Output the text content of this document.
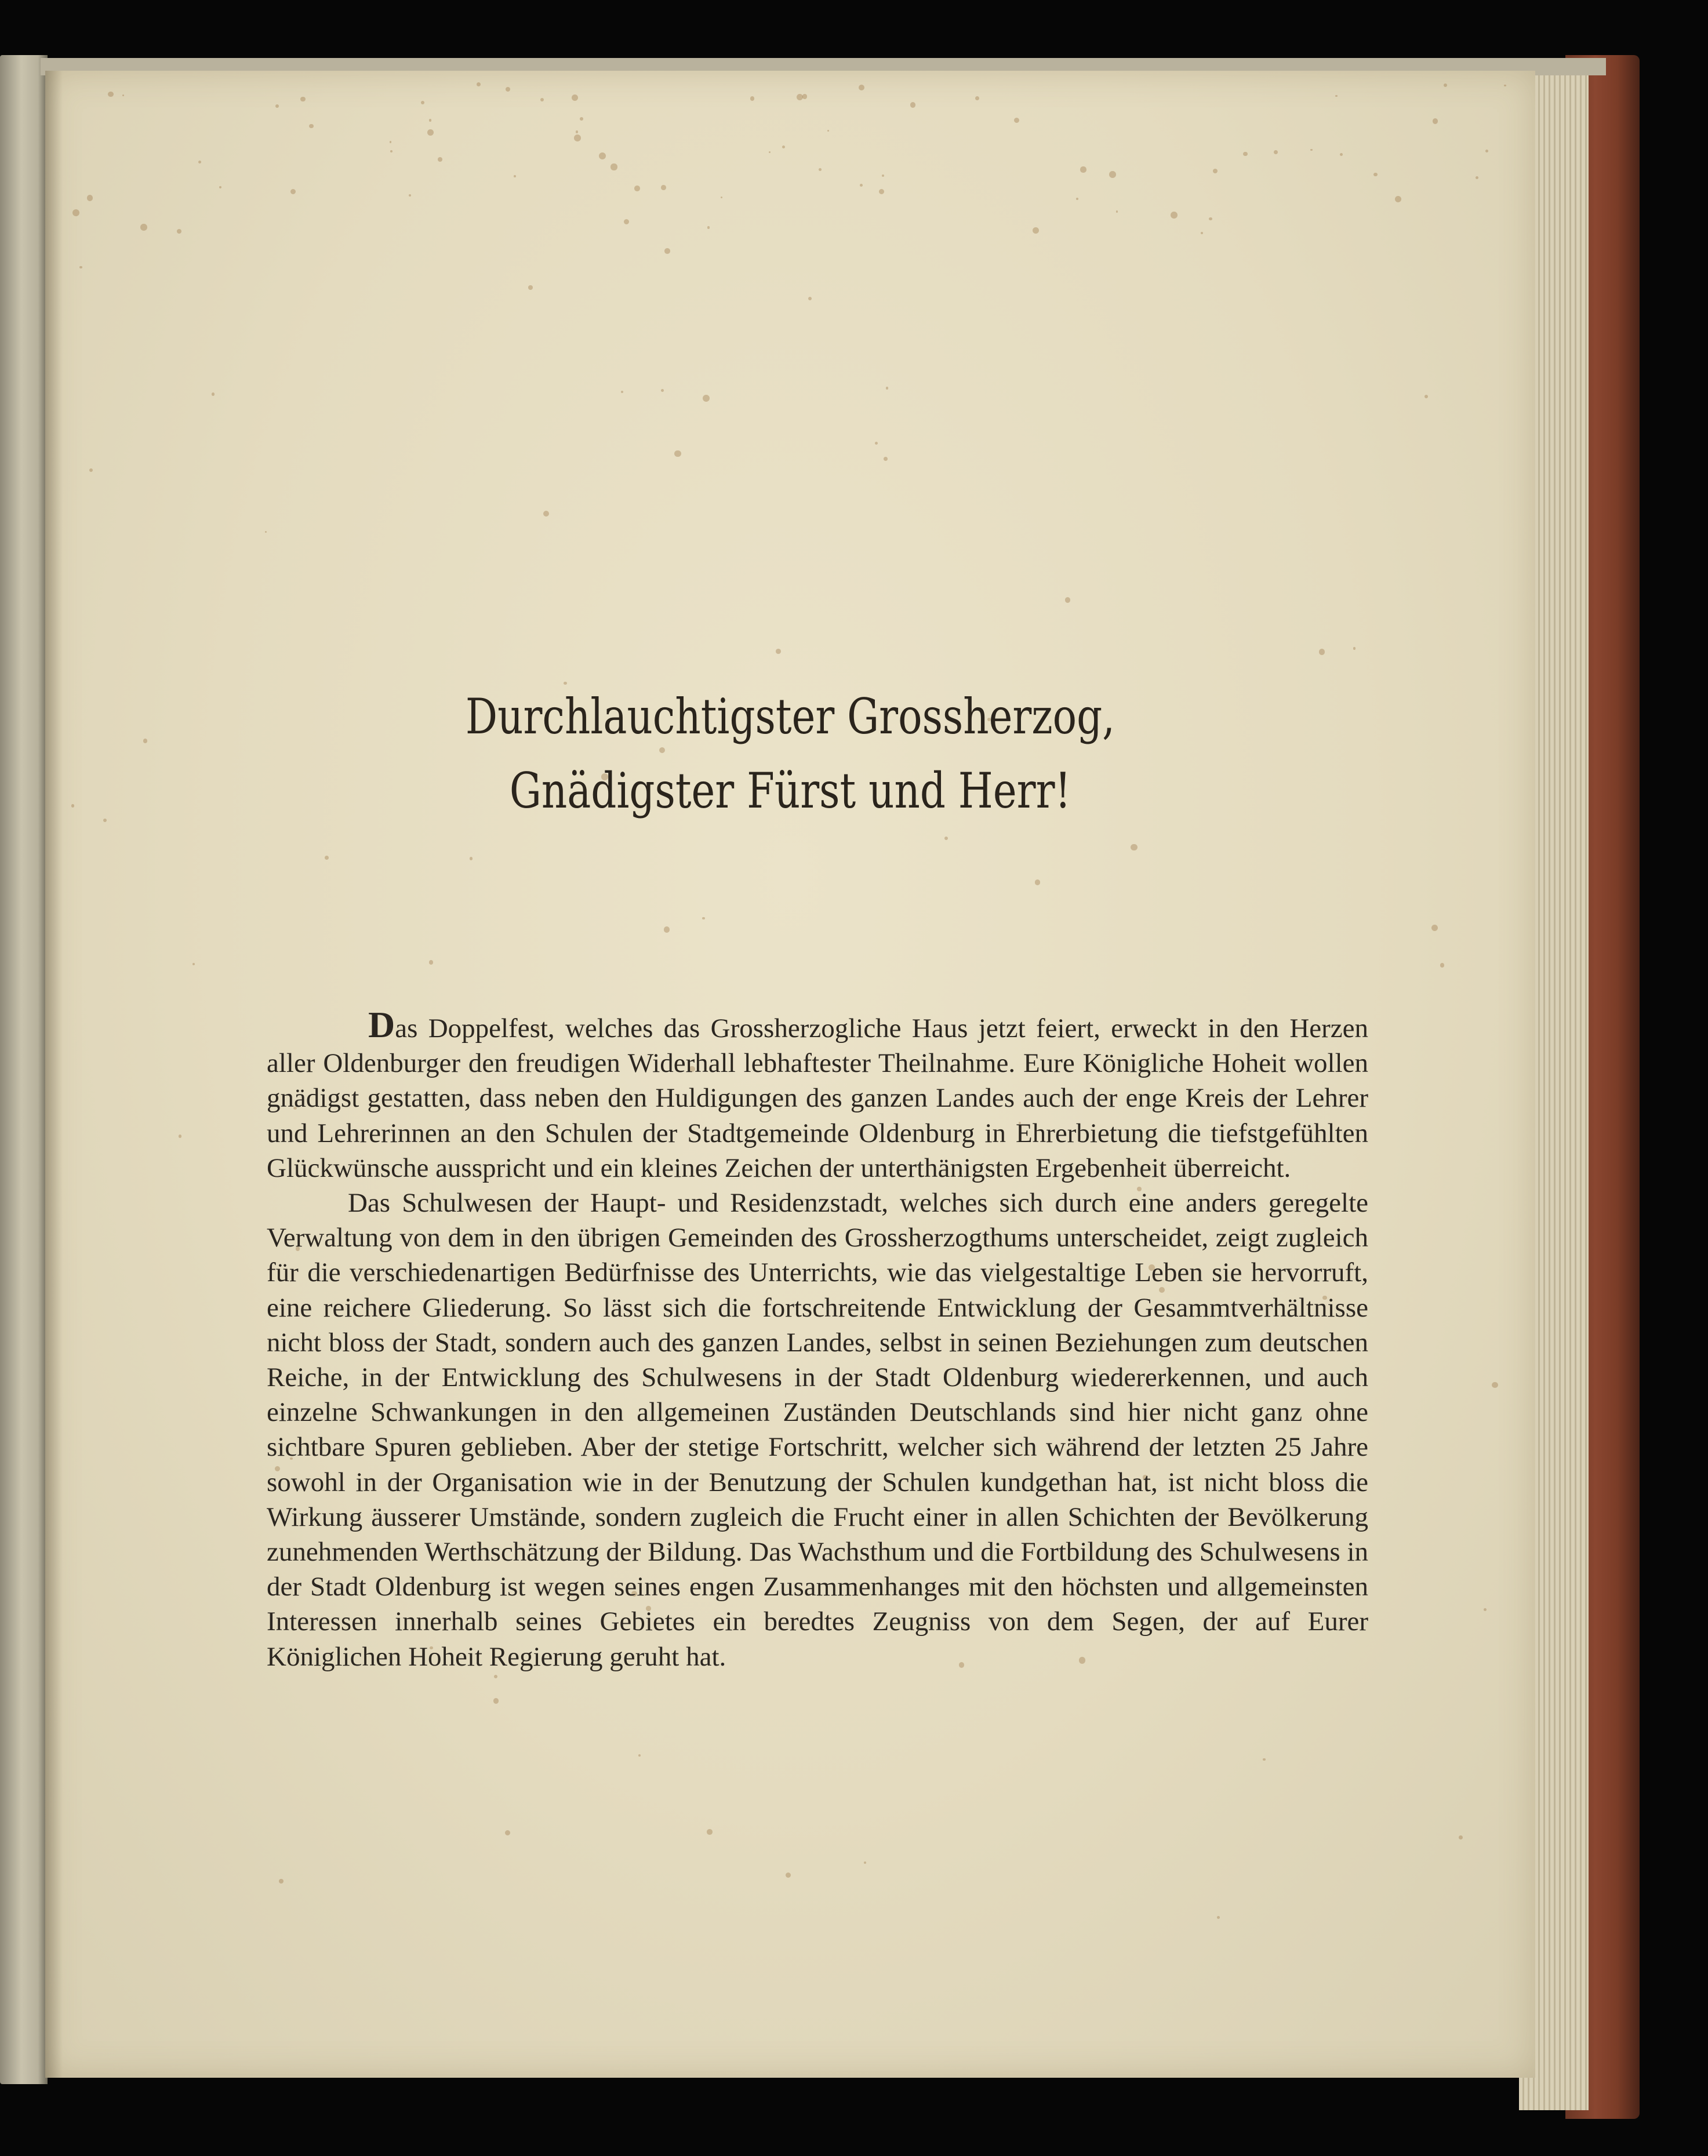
Durchlauchtigster Grossherzog,
Gnädigster Fürst und Herr!

Das Doppelfest, welches das Grossherzogliche Haus jetzt feiert, erweckt in den Herzen aller Oldenburger den freudigen Widerhall lebhaftester Theilnahme. Eure Königliche Hoheit wollen gnädigst gestatten, dass neben den Huldigungen des ganzen Landes auch der enge Kreis der Lehrer und Lehrerinnen an den Schulen der Stadtgemeinde Oldenburg in Ehrerbietung die tiefstgefühlten Glückwünsche ausspricht und ein kleines Zeichen der unterthänigsten Ergebenheit überreicht.

Das Schulwesen der Haupt- und Residenzstadt, welches sich durch eine anders geregelte Verwaltung von dem in den übrigen Gemeinden des Grossherzogthums unterscheidet, zeigt zugleich für die verschiedenartigen Bedürfnisse des Unterrichts, wie das vielgestaltige Leben sie hervorruft, eine reichere Gliederung. So lässt sich die fortschreitende Entwicklung der Gesammtverhältnisse nicht bloss der Stadt, sondern auch des ganzen Landes, selbst in seinen Beziehungen zum deutschen Reiche, in der Entwicklung des Schulwesens in der Stadt Oldenburg wiedererkennen, und auch einzelne Schwankungen in den allgemeinen Zuständen Deutschlands sind hier nicht ganz ohne sichtbare Spuren geblieben. Aber der stetige Fortschritt, welcher sich während der letzten 25 Jahre sowohl in der Organisation wie in der Benutzung der Schulen kundgethan hat, ist nicht bloss die Wirkung äusserer Umstände, sondern zugleich die Frucht einer in allen Schichten der Bevölkerung zunehmenden Werthschätzung der Bildung. Das Wachsthum und die Fortbildung des Schulwesens in der Stadt Oldenburg ist wegen seines engen Zusammenhanges mit den höchsten und allgemeinsten Interessen innerhalb seines Gebietes ein beredtes Zeugniss von dem Segen, der auf Eurer Königlichen Hoheit Regierung geruht hat.
